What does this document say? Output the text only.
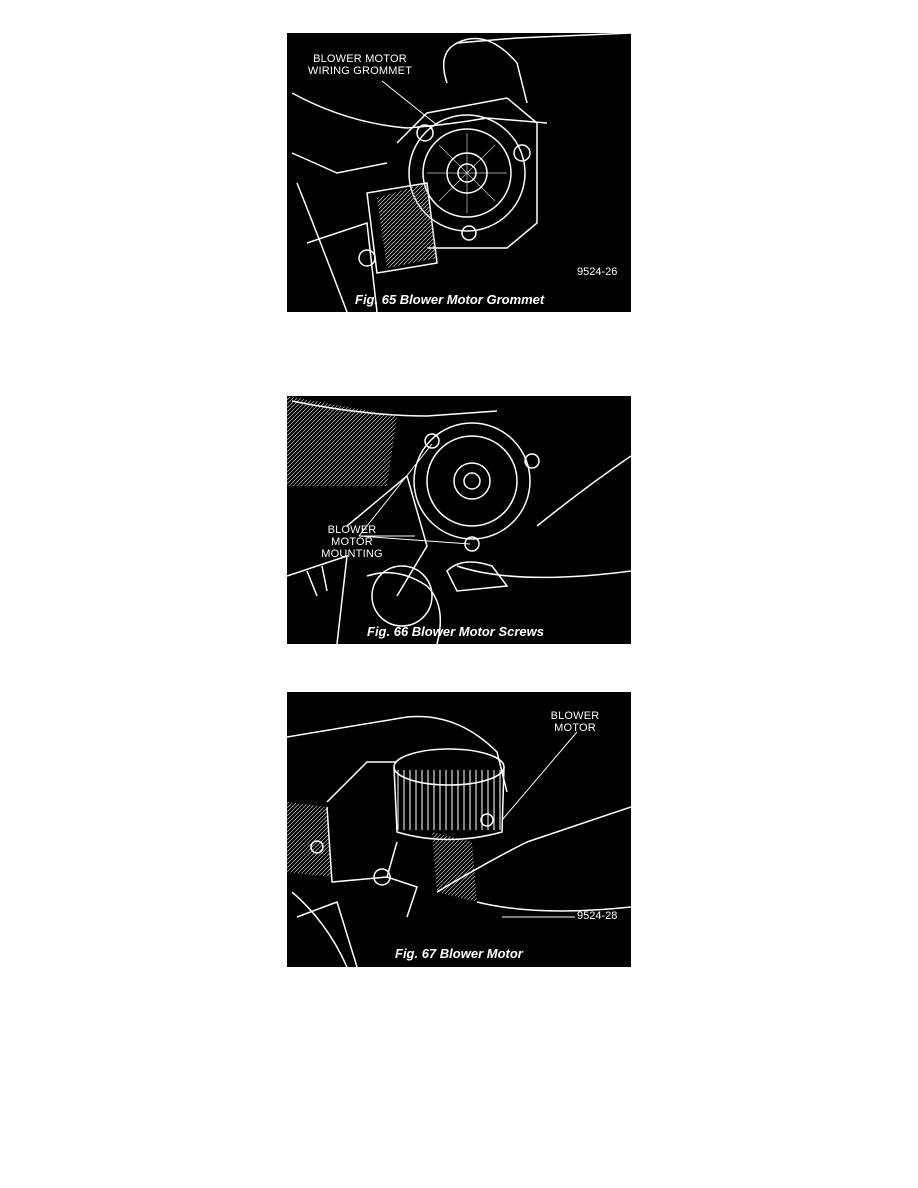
BLOWER MOTOR
WIRING GROMMET
9524-26
Fig. 65 Blower Motor Grommet
BLOWER
MOTOR
MOUNTING
Fig. 66 Blower Motor Screws
BLOWER
MOTOR
9524-28
Fig. 67 Blower Motor
